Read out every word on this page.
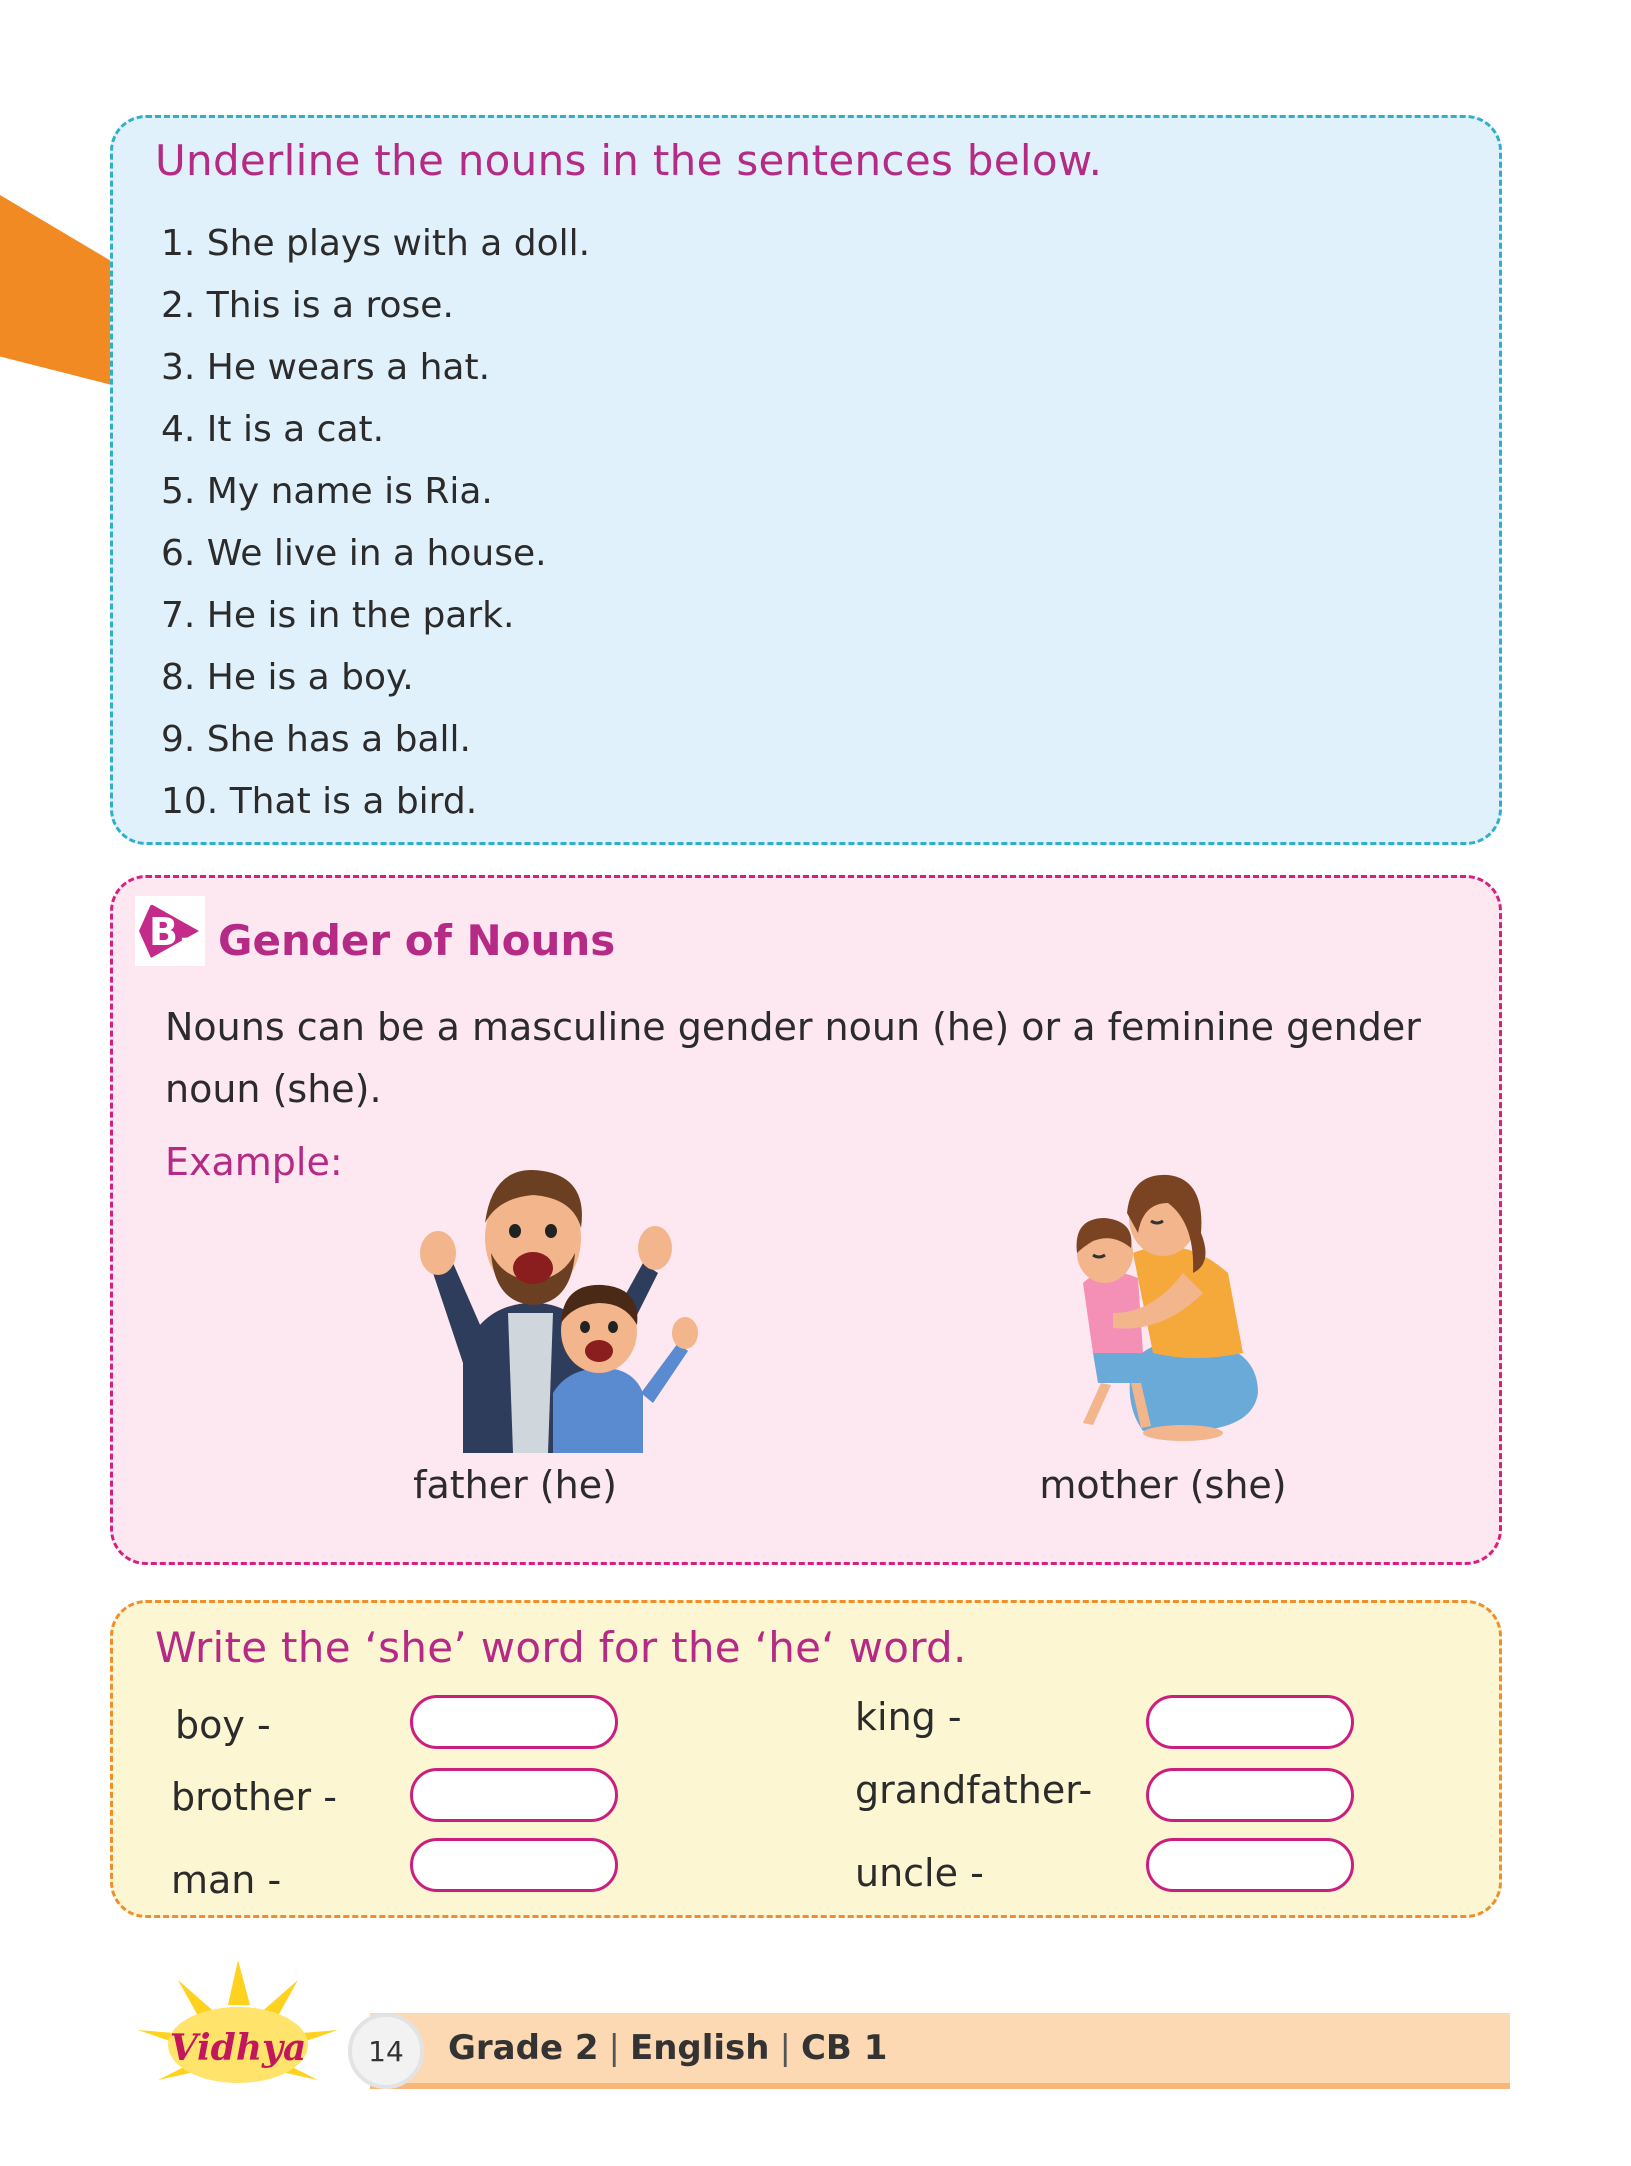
Underline the nouns in the sentences below.
1. She plays with a doll.
2. This is a rose.
3. He wears a hat.
4. It is a cat.
5. My name is Ria.
6. We live in a house.
7. He is in the park.
8. He is a boy.
9. She has a ball.
10. That is a bird.
B. Gender of Nouns

Nouns can be a masculine gender noun (he) or a feminine gender noun (she).

Example:

father (he)	mother (she)

Write the ‘she’ word for the ‘he‘ word.

boy -

brother -

man -

king -

grandfather-

uncle -

Vidhya	14	Grade 2 | English | CB 1
